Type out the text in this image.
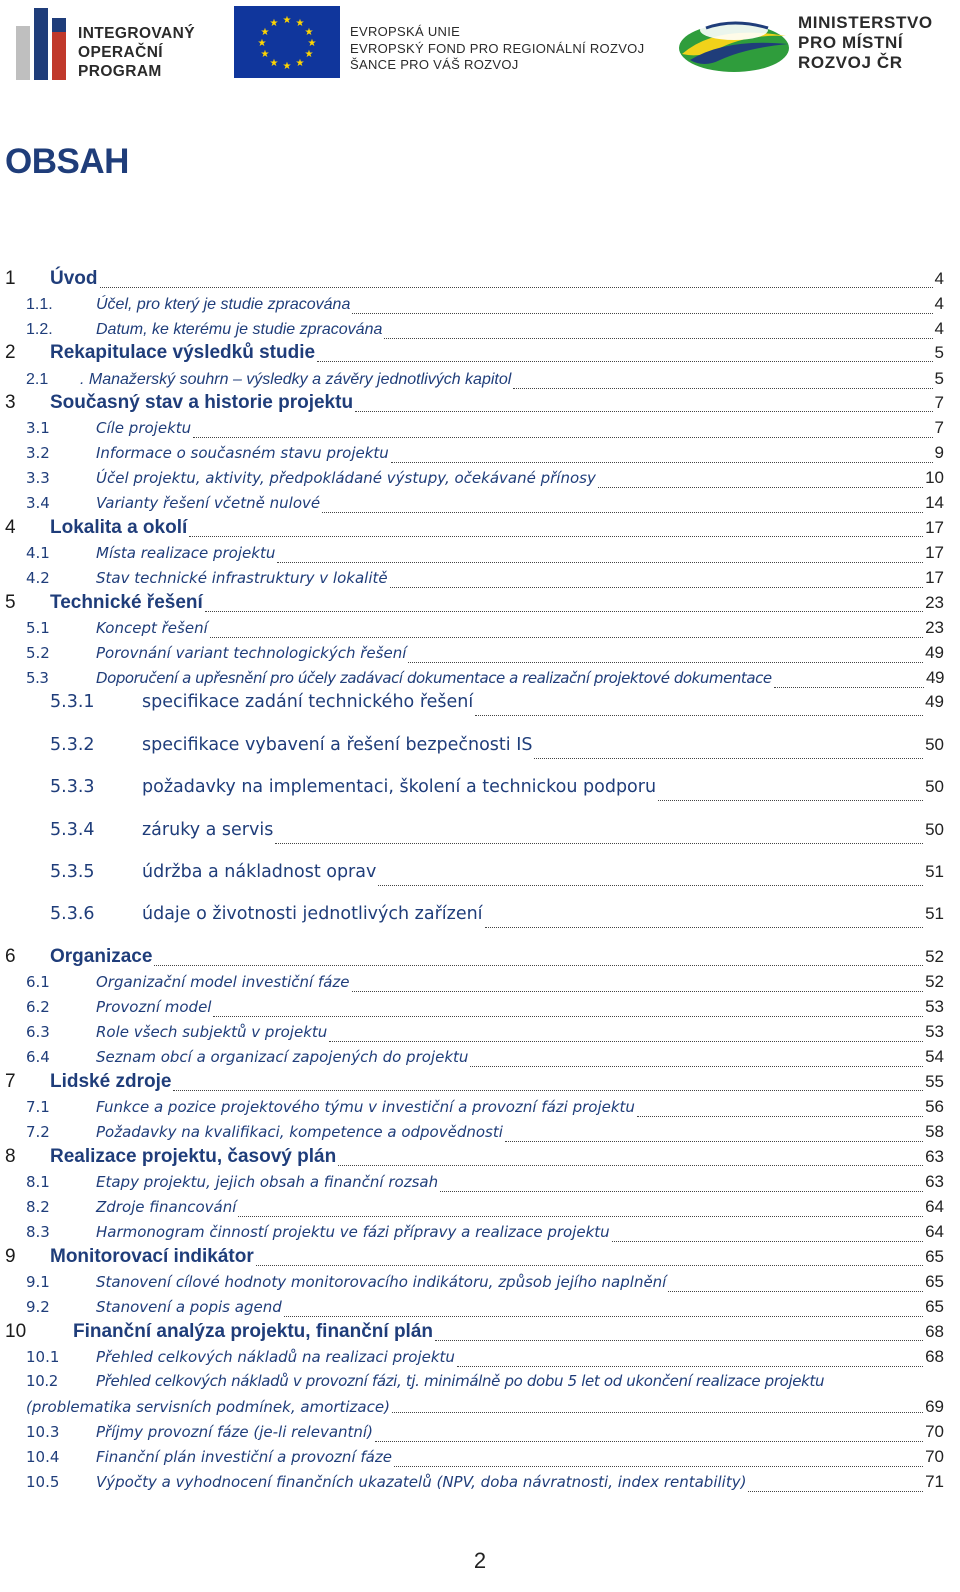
INTEGROVANÝ
OPERAČNÍ
PROGRAM
★ ★
★
★
★
★
★
★
★
★
★
★
EVROPSKÁ UNIE
EVROPSKÝ FOND PRO REGIONÁLNÍ ROZVOJ
ŠANCE PRO VÁŠ ROZVOJ
MINISTERSTVO
PRO MÍSTNÍ
ROZVOJ ČR
OBSAH
1	Úvod	4
1.1.	Účel, pro který je studie zpracována	4
1.2.	Datum, ke kterému je studie zpracována	4
2	Rekapitulace výsledků studie	5
2.1	. Manažerský souhrn – výsledky a závěry jednotlivých kapitol	5
3	Současný stav a historie projektu	7
3.1	Cíle projektu	7
3.2	Informace o současném stavu projektu	9
3.3	Účel projektu, aktivity, předpokládané výstupy, očekávané přínosy	10
3.4	Varianty řešení včetně nulové	14
4	Lokalita a okolí	17
4.1	Místa realizace projektu	17
4.2	Stav technické infrastruktury v lokalitě	17
5	Technické řešení	23
5.1	Koncept řešení	23
5.2	Porovnání variant technologických řešení	49
5.3	Doporučení a upřesnění pro účely zadávací dokumentace a realizační projektové dokumentace	49
5.3.1	specifikace zadání technického řešení	49
5.3.2	specifikace vybavení a řešení bezpečnosti IS	50
5.3.3	požadavky na implementaci, školení a technickou podporu	50
5.3.4	záruky a servis	50
5.3.5	údržba a nákladnost oprav	51
5.3.6	údaje o životnosti jednotlivých zařízení	51
6	Organizace	52
6.1	Organizační model investiční fáze	52
6.2	Provozní model	53
6.3	Role všech subjektů v projektu	53
6.4	Seznam obcí a organizací zapojených do projektu	54
7	Lidské zdroje	55
7.1	Funkce a pozice projektového týmu v investiční a provozní fázi projektu	56
7.2	Požadavky na kvalifikaci, kompetence a odpovědnosti	58
8	Realizace projektu, časový plán	63
8.1	Etapy projektu, jejich obsah a finanční rozsah	63
8.2	Zdroje financování	64
8.3	Harmonogram činností projektu ve fázi přípravy a realizace projektu	64
9	Monitorovací indikátor	65
9.1	Stanovení cílové hodnoty monitorovacího indikátoru, způsob jejího naplnění	65
9.2	Stanovení a popis agend	65
10	Finanční analýza projektu, finanční plán	68
10.1	Přehled celkových nákladů na realizaci projektu	68
10.2	Přehled celkových nákladů v provozní fázi, tj. minimálně po dobu 5 let od ukončení realizace projektu
(problematika servisních podmínek, amortizace)	69
10.3	Příjmy provozní fáze (je-li relevantní)	70
10.4	Finanční plán investiční a provozní fáze	70
10.5	Výpočty a vyhodnocení finančních ukazatelů (NPV, doba návratnosti, index rentability)	71
2
